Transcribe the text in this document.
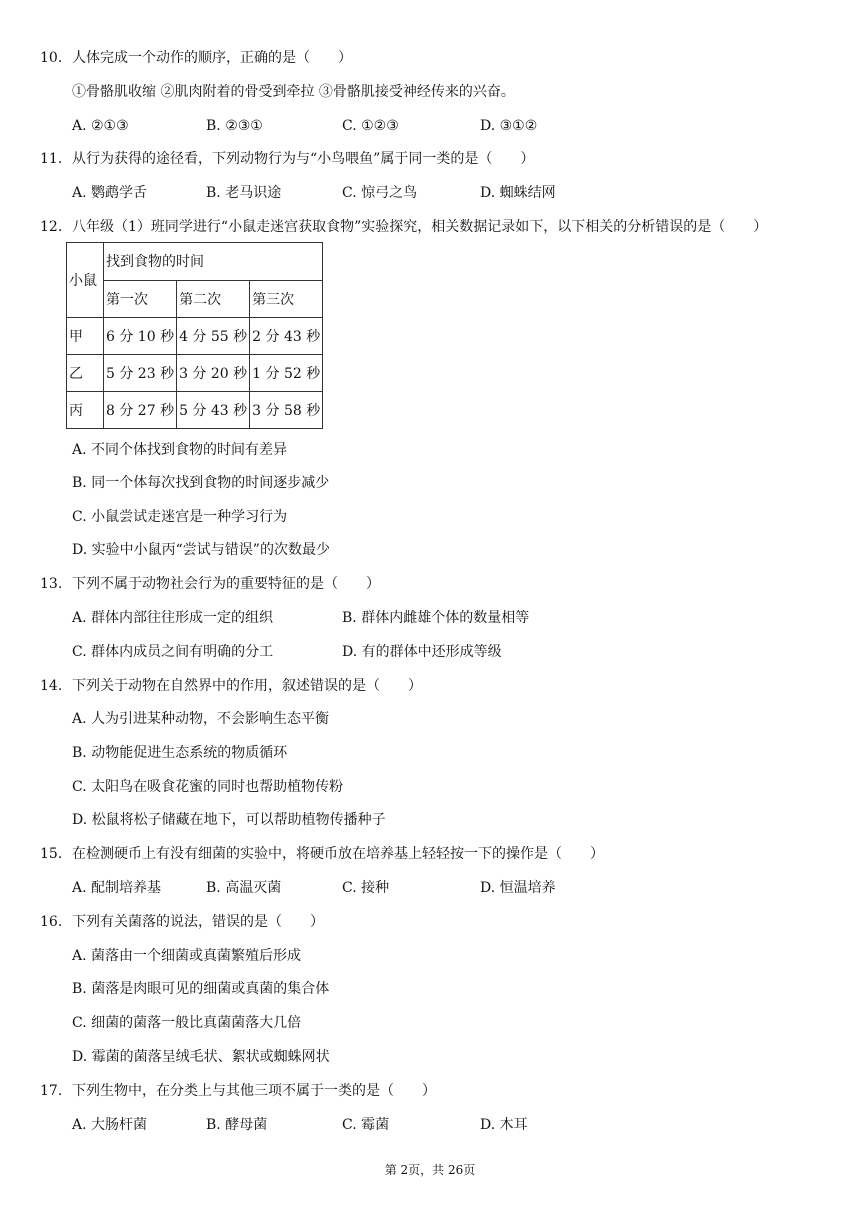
10. 人体完成一个动作的顺序，正确的是（　　）
①骨骼肌收缩 ②肌肉附着的骨受到牵拉 ③骨骼肌接受神经传来的兴奋。
A. ②①③	B. ②③①	C. ①②③	D. ③①②
11. 从行为获得的途径看，下列动物行为与“小鸟喂鱼”属于同一类的是（　　）
A. 鹦鹉学舌	B. 老马识途	C. 惊弓之鸟	D. 蜘蛛结网
12. 八年级（1）班同学进行“小鼠走迷宫获取食物”实验探究，相关数据记录如下，以下相关的分析错误的是（　　）
小鼠	找到食物的时间		
	第一次	第二次	第三次
甲	6 分 10 秒	4 分 55 秒	2 分 43 秒
乙	5 分 23 秒	3 分 20 秒	1 分 52 秒
丙	8 分 27 秒	5 分 43 秒	3 分 58 秒
A. 不同个体找到食物的时间有差异
B. 同一个体每次找到食物的时间逐步减少
C. 小鼠尝试走迷宫是一种学习行为
D. 实验中小鼠丙“尝试与错误”的次数最少
13. 下列不属于动物社会行为的重要特征的是（　　）
A. 群体内部往往形成一定的组织	B. 群体内雌雄个体的数量相等
C. 群体内成员之间有明确的分工	D. 有的群体中还形成等级
14. 下列关于动物在自然界中的作用，叙述错误的是（　　）
A. 人为引进某种动物，不会影响生态平衡
B. 动物能促进生态系统的物质循环
C. 太阳鸟在吸食花蜜的同时也帮助植物传粉
D. 松鼠将松子储藏在地下，可以帮助植物传播种子
15. 在检测硬币上有没有细菌的实验中，将硬币放在培养基上轻轻按一下的操作是（　　）
A. 配制培养基	B. 高温灭菌	C. 接种	D. 恒温培养
16. 下列有关菌落的说法，错误的是（　　）
A. 菌落由一个细菌或真菌繁殖后形成
B. 菌落是肉眼可见的细菌或真菌的集合体
C. 细菌的菌落一般比真菌菌落大几倍
D. 霉菌的菌落呈绒毛状、絮状或蜘蛛网状
17. 下列生物中，在分类上与其他三项不属于一类的是（　　）
A. 大肠杆菌	B. 酵母菌	C. 霉菌	D. 木耳
第 2页，共 26页
